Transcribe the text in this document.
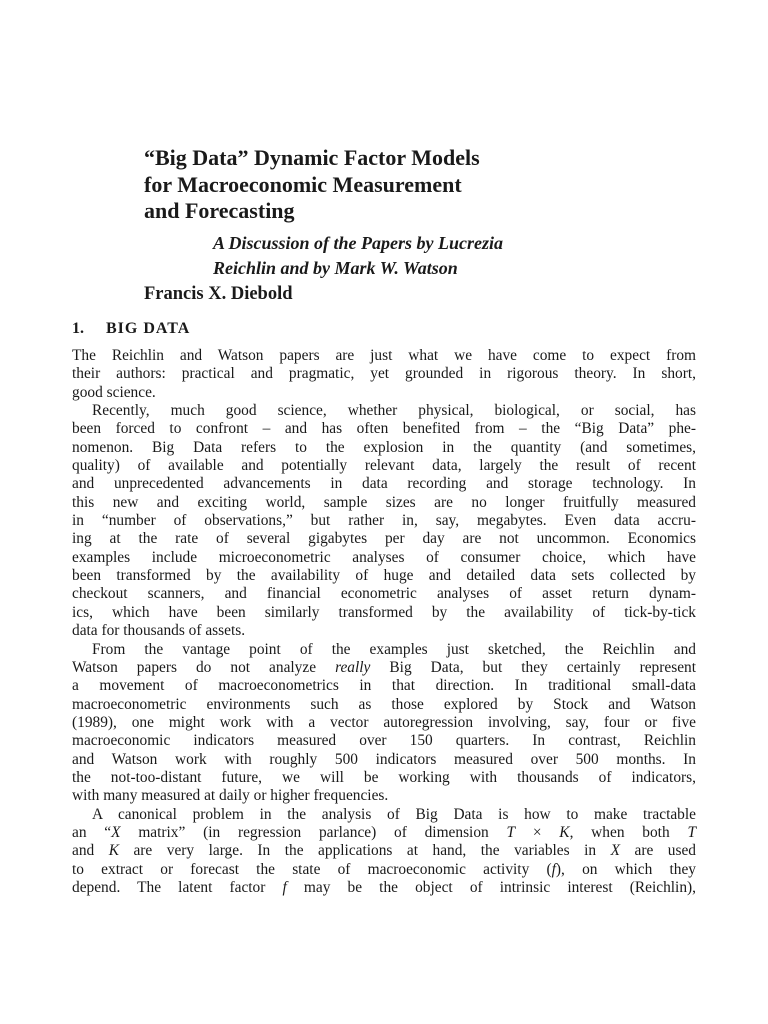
“Big Data” Dynamic Factor Models
for Macroeconomic Measurement
and Forecasting
A Discussion of the Papers by Lucrezia
Reichlin and by Mark W. Watson
Francis X. Diebold
1. BIG DATA
The Reichlin and Watson papers are just what we have come to expect from
their authors: practical and pragmatic, yet grounded in rigorous theory. In short,
good science.
Recently, much good science, whether physical, biological, or social, has
been forced to confront – and has often benefited from – the “Big Data” phe-
nomenon. Big Data refers to the explosion in the quantity (and sometimes,
quality) of available and potentially relevant data, largely the result of recent
and unprecedented advancements in data recording and storage technology. In
this new and exciting world, sample sizes are no longer fruitfully measured
in “number of observations,” but rather in, say, megabytes. Even data accru-
ing at the rate of several gigabytes per day are not uncommon. Economics
examples include microeconometric analyses of consumer choice, which have
been transformed by the availability of huge and detailed data sets collected by
checkout scanners, and financial econometric analyses of asset return dynam-
ics, which have been similarly transformed by the availability of tick-by-tick
data for thousands of assets.
From the vantage point of the examples just sketched, the Reichlin and
Watson papers do not analyze really Big Data, but they certainly represent
a movement of macroeconometrics in that direction. In traditional small-data
macroeconometric environments such as those explored by Stock and Watson
(1989), one might work with a vector autoregression involving, say, four or five
macroeconomic indicators measured over 150 quarters. In contrast, Reichlin
and Watson work with roughly 500 indicators measured over 500 months. In
the not-too-distant future, we will be working with thousands of indicators,
with many measured at daily or higher frequencies.
A canonical problem in the analysis of Big Data is how to make tractable
an “X matrix” (in regression parlance) of dimension T × K, when both T
and K are very large. In the applications at hand, the variables in X are used
to extract or forecast the state of macroeconomic activity (f), on which they
depend. The latent factor f may be the object of intrinsic interest (Reichlin),
